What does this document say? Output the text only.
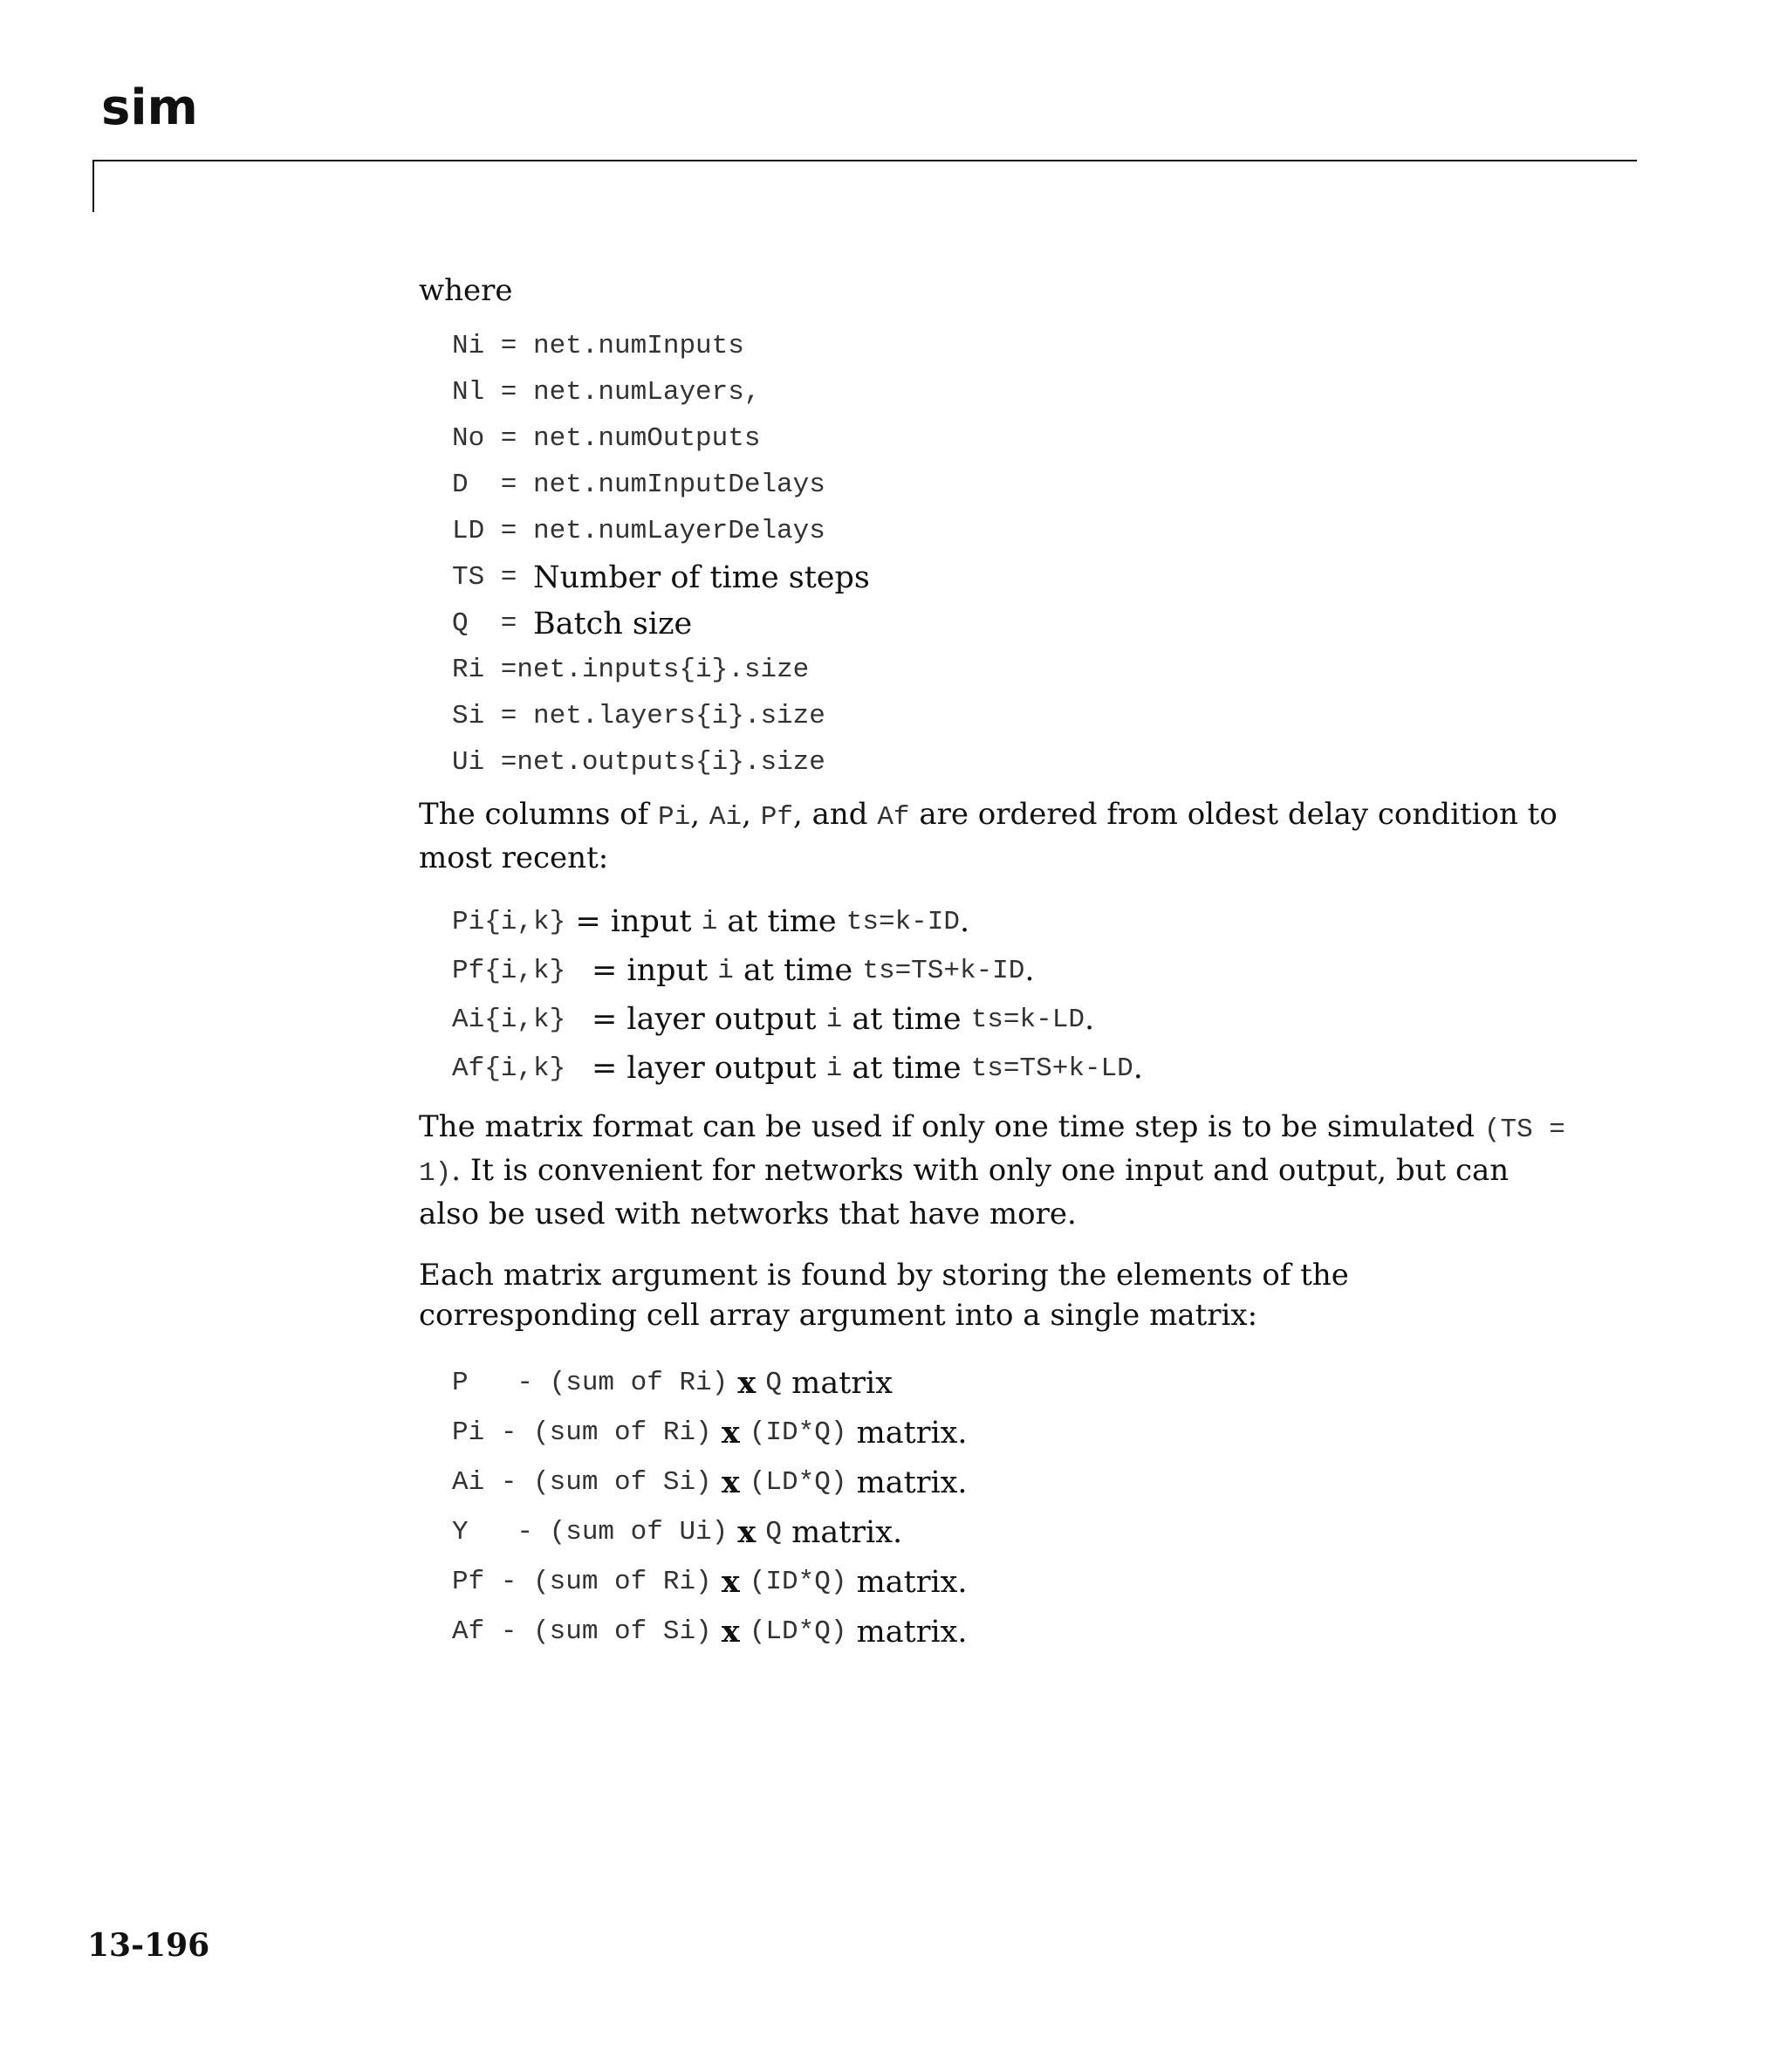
sim

where

Ni = net.numInputs
Nl = net.numLayers,
No = net.numOutputs
D  = net.numInputDelays
LD = net.numLayerDelays
TS = Number of time steps
Q  = Batch size
Ri = net.inputs{i}.size
Si = net.layers{i}.size
Ui = net.outputs{i}.size

The columns of Pi, Ai, Pf, and Af are ordered from oldest delay condition to most recent:

Pi{i,k} = input i at time ts=k-ID .
Pf{i,k} = input i at time ts=TS+k-ID .
Ai{i,k} = layer output i at time ts=k-LD .
Af{i,k} = layer output i at time ts=TS+k-LD .

The matrix format can be used if only one time step is to be simulated (TS = 1). It is convenient for networks with only one input and output, but can also be used with networks that have more.

Each matrix argument is found by storing the elements of the corresponding cell array argument into a single matrix:

P - (sum of Ri)
x
Q
matrix
Pi - (sum of Ri)
x
(ID*Q)
matrix.
Ai - (sum of Si)
x
(LD*Q)
matrix.
Y - (sum of Ui)
x
Q
matrix.
Pf - (sum of Ri)
x
(ID*Q)
matrix.
Af - (sum of Si)
x
(LD*Q)
matrix.
13-196
